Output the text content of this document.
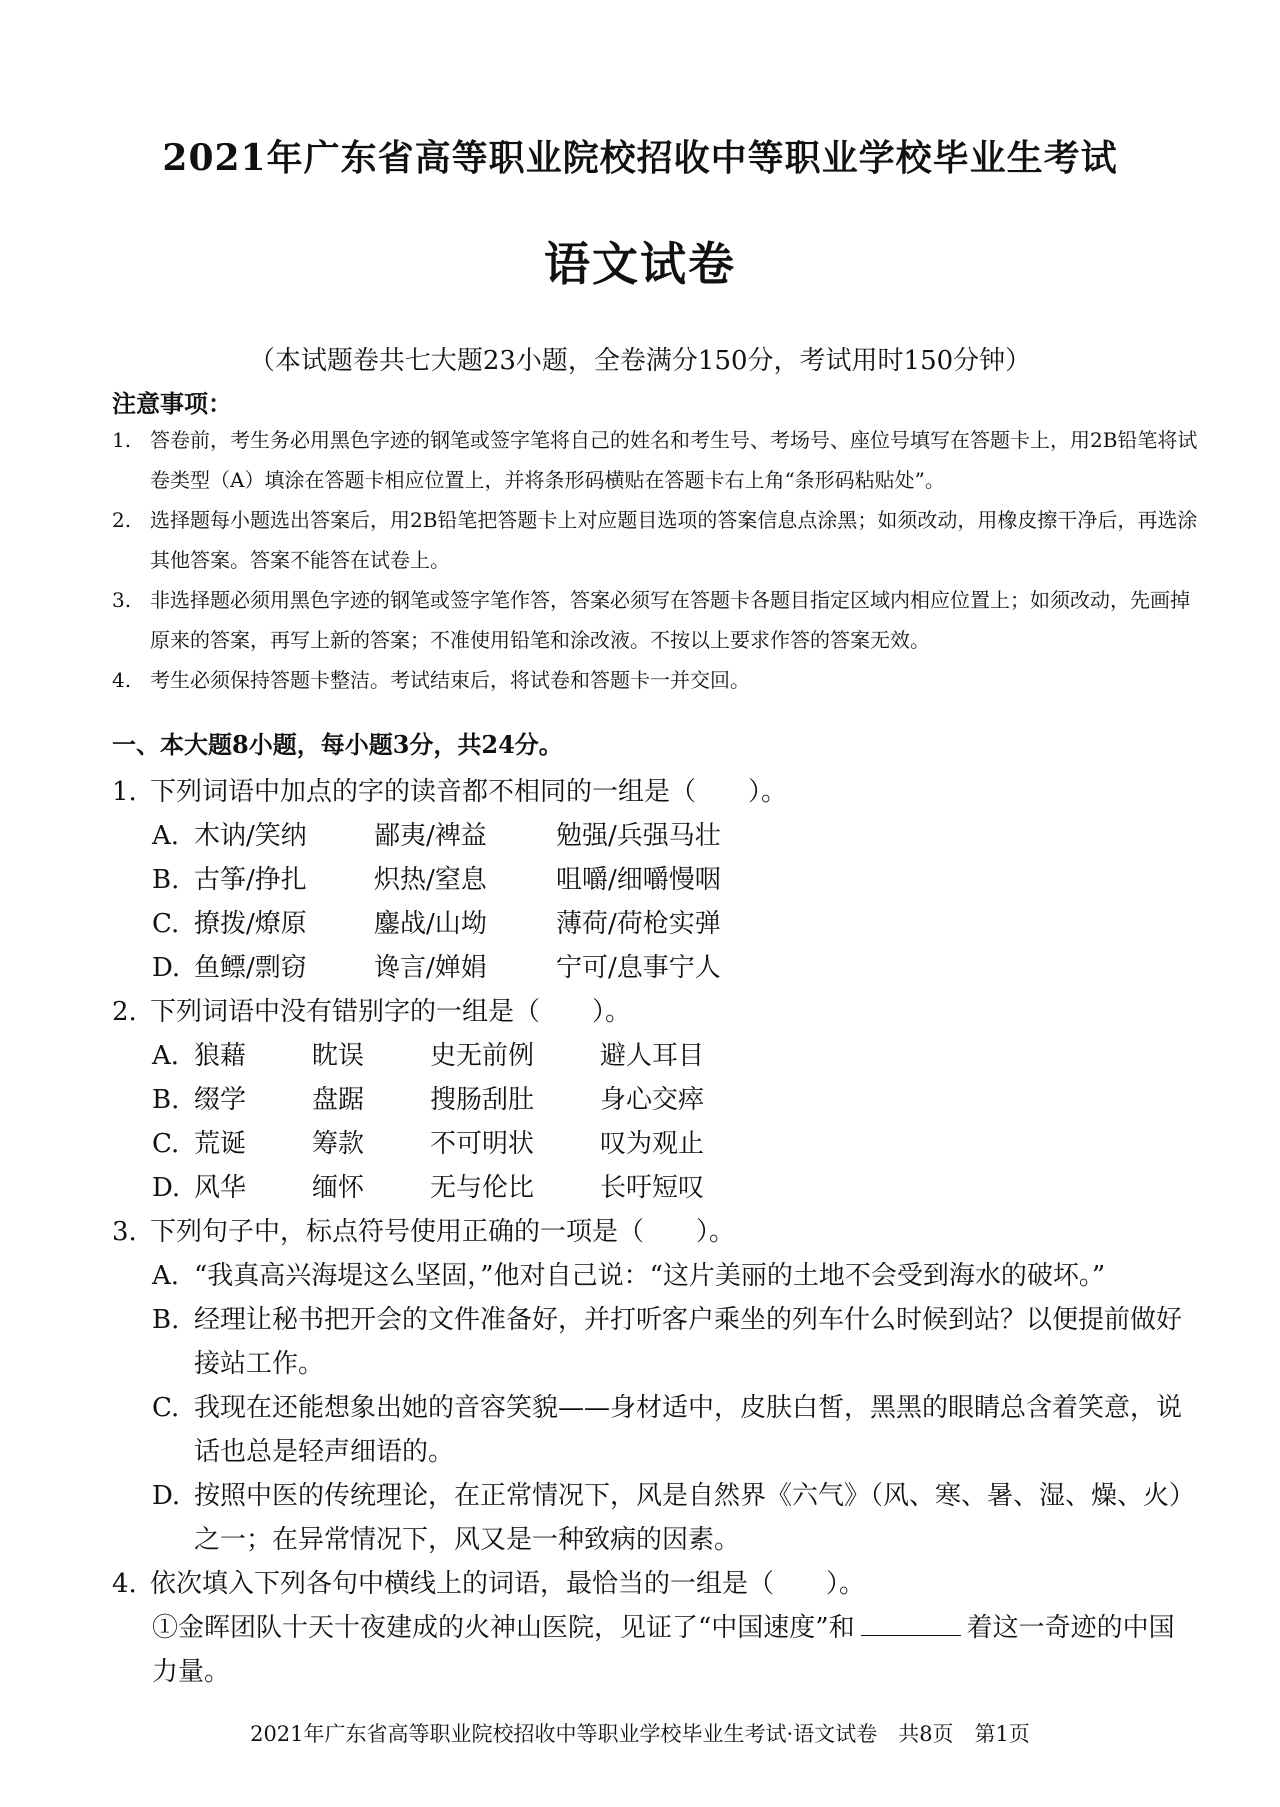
2021年广东省高等职业院校招收中等职业学校毕业生考试
语文试卷
（本试题卷共七大题23小题，全卷满分150分，考试用时150分钟）
注意事项：
1. 答卷前，考生务必用黑色字迹的钢笔或签字笔将自己的姓名和考生号、考场号、座位号填写在答题卡上，用2B铅笔将试卷类型（A）填涂在答题卡相应位置上，并将条形码横贴在答题卡右上角“条形码粘贴处”。
2. 选择题每小题选出答案后，用2B铅笔把答题卡上对应题目选项的答案信息点涂黑；如须改动，用橡皮擦干净后，再选涂其他答案。答案不能答在试卷上。
3. 非选择题必须用黑色字迹的钢笔或签字笔作答，答案必须写在答题卡各题目指定区域内相应位置上；如须改动，先画掉原来的答案，再写上新的答案；不准使用铅笔和涂改液。不按以上要求作答的答案无效。
4. 考生必须保持答题卡整洁。考试结束后，将试卷和答题卡一并交回。
一、本大题8小题，每小题3分，共24分。
1. 下列词语中加点的字的读音都不相同的一组是（　　）。
A. 木讷/笑纳	鄙夷/裨益	勉强/兵强马壮
B. 古筝/挣扎	炽热/窒息	咀嚼/细嚼慢咽
C. 撩拨/燎原	鏖战/山坳	薄荷/荷枪实弹
D. 鱼鳔/剽窃	谗言/婵娟	宁可/息事宁人
2. 下列词语中没有错别字的一组是（　　）。
A. 狼藉	眈误	史无前例	避人耳目
B. 缀学	盘踞	搜肠刮肚	身心交瘁
C. 荒诞	筹款	不可明状	叹为观止
D. 风华	缅怀	无与伦比	长吁短叹
3. 下列句子中，标点符号使用正确的一项是（　　）。
A. “我真高兴海堤这么坚固，”他对自己说：“这片美丽的土地不会受到海水的破坏。”
B. 经理让秘书把开会的文件准备好，并打听客户乘坐的列车什么时候到站？以便提前做好接站工作。
C. 我现在还能想象出她的音容笑貌——身材适中，皮肤白皙，黑黑的眼睛总含着笑意，说话也总是轻声细语的。
D. 按照中医的传统理论，在正常情况下，风是自然界《六气》（风、寒、暑、湿、燥、火）之一；在异常情况下，风又是一种致病的因素。
4. 依次填入下列各句中横线上的词语，最恰当的一组是（　　）。
①金晖团队十天十夜建成的火神山医院，见证了“中国速度”和	着这一奇迹的中国力量。
2021年广东省高等职业院校招收中等职业学校毕业生考试·语文试卷　共8页　第1页
